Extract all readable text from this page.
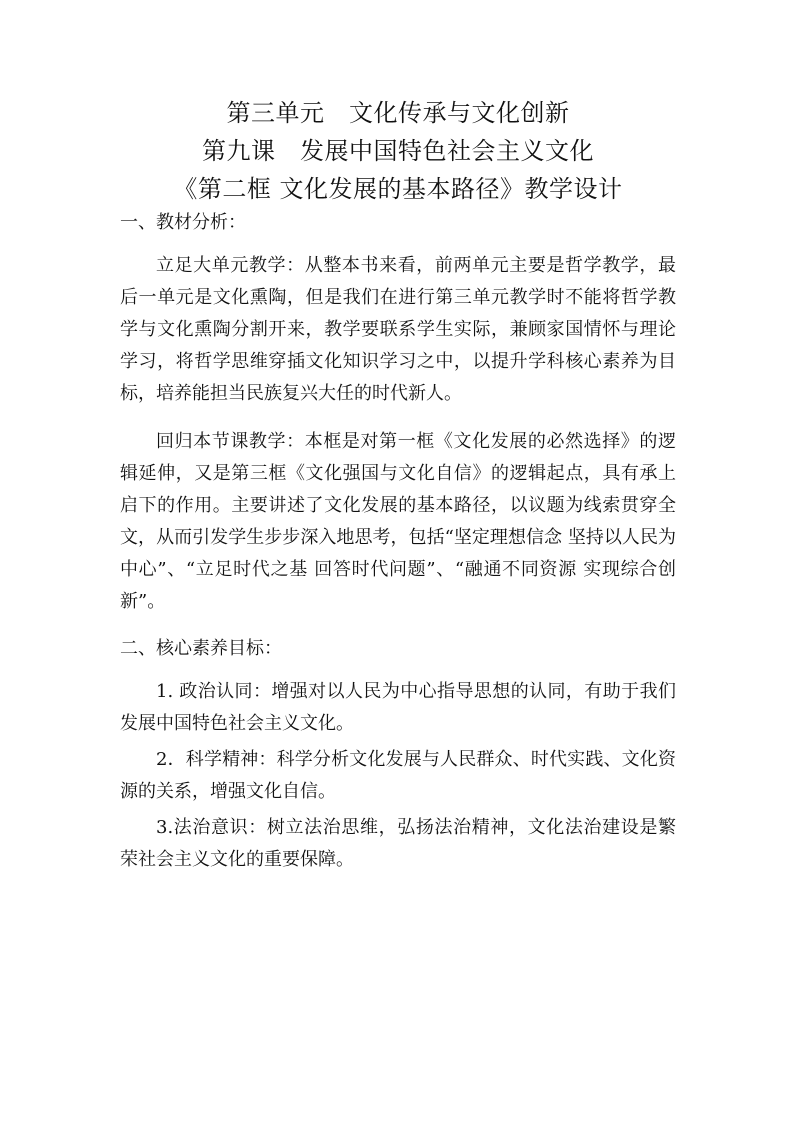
第三单元　文化传承与文化创新
第九课　发展中国特色社会主义文化
《第二框 文化发展的基本路径》教学设计
一、教材分析：

立足大单元教学：从整本书来看，前两单元主要是哲学教学，最后一单元是文化熏陶，但是我们在进行第三单元教学时不能将哲学教学与文化熏陶分割开来，教学要联系学生实际，兼顾家国情怀与理论学习，将哲学思维穿插文化知识学习之中，以提升学科核心素养为目标，培养能担当民族复兴大任的时代新人。

回归本节课教学：本框是对第一框《文化发展的必然选择》的逻辑延伸，又是第三框《文化强国与文化自信》的逻辑起点，具有承上启下的作用。主要讲述了文化发展的基本路径，以议题为线索贯穿全文，从而引发学生步步深入地思考，包括“坚定理想信念 坚持以人民为中心”、“立足时代之基 回答时代问题”、“融通不同资源 实现综合创新”。

二、核心素养目标：

1. 政治认同：增强对以人民为中心指导思想的认同，有助于我们发展中国特色社会主义文化。

2．科学精神：科学分析文化发展与人民群众、时代实践、文化资源的关系，增强文化自信。

3.法治意识：树立法治思维，弘扬法治精神，文化法治建设是繁荣社会主义文化的重要保障。
